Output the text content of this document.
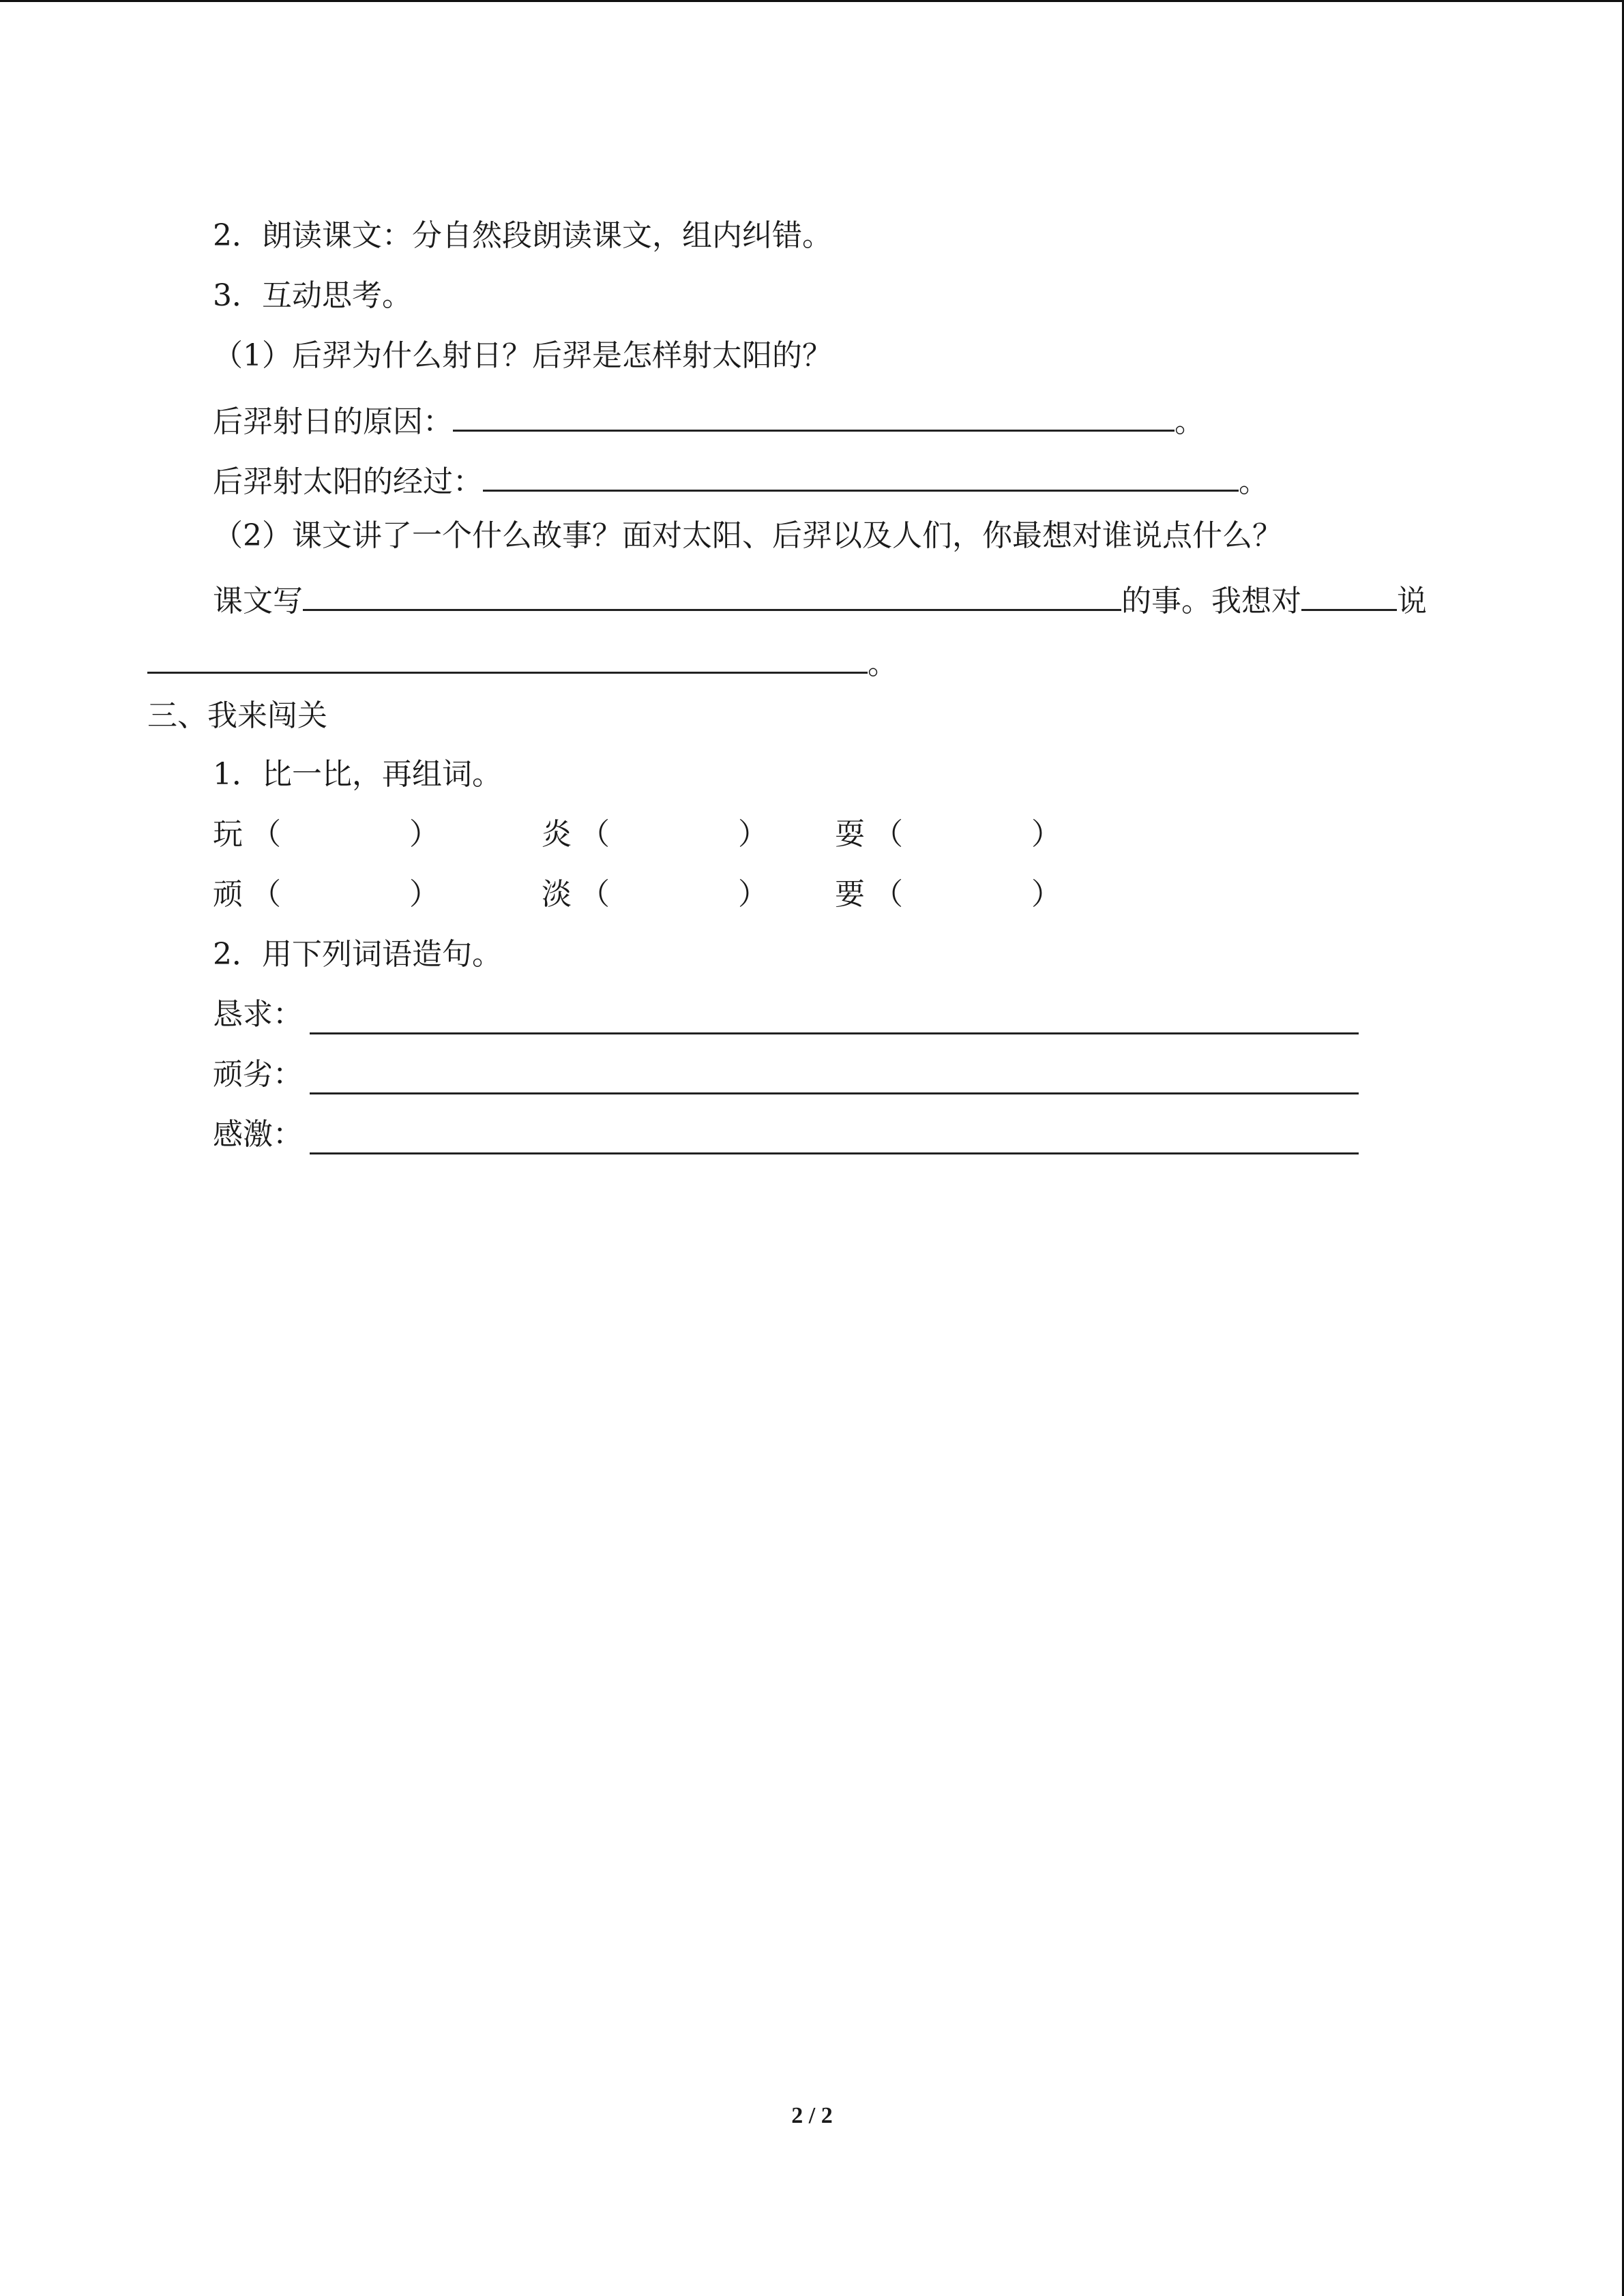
2．朗读课文：分自然段朗读课文，组内纠错。
3．互动思考。
（1）后羿为什么射日？后羿是怎样射太阳的？
后羿射日的原因：	。
后羿射太阳的经过：	。
（2）课文讲了一个什么故事？面对太阳、后羿以及人们，你最想对谁说点什么？
课文写	的事。我想对	说
。
三、我来闯关
1．比一比，再组词。
玩 （	）	炎 （	） 耍 （	）
顽 （	）	淡 （	） 要 （	）
2．用下列词语造句。
恳求：
顽劣：
感激：
2 / 2
